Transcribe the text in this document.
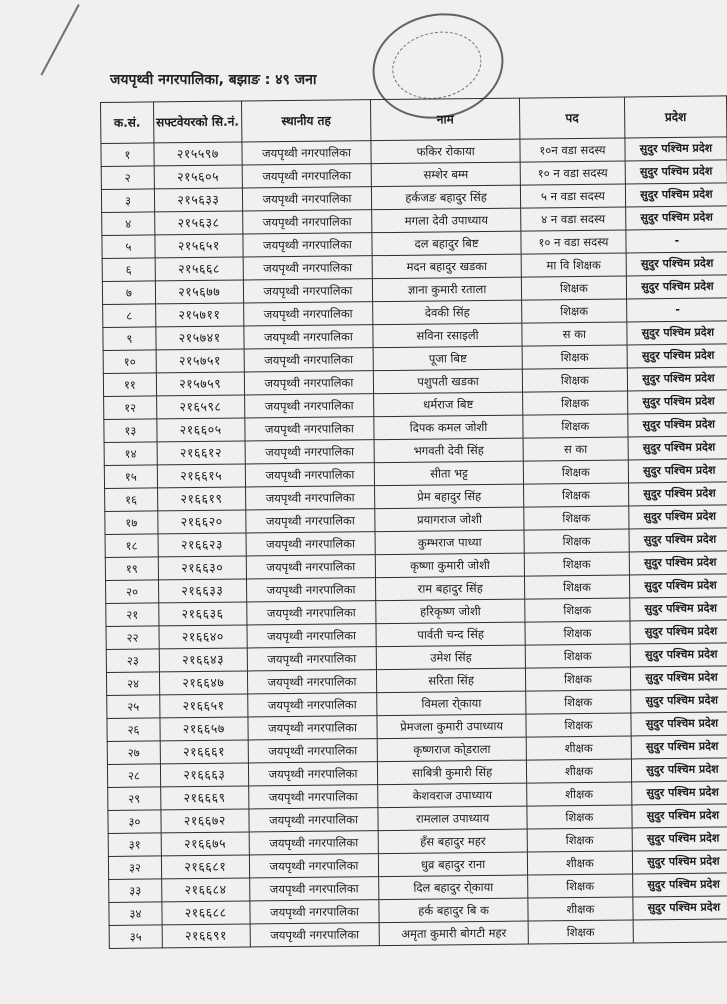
जयपृथ्वी नगरपालिका, बझाङ : ४९ जना
क.सं.	सफ्टवेयरको सि.नं.	स्थानीय तह	नाम	पद	प्रदेश
१	२१५५९७	जयपृथ्वी नगरपालिका	फकिर रोकाया	१०न वडा सदस्य	सुदुर पश्चिम प्रदेश
२	२१५६०५	जयपृथ्वी नगरपालिका	सम्शेर बम्म	१० न वडा सदस्य	सुदुर पश्चिम प्रदेश
३	२१५६३३	जयपृथ्वी नगरपालिका	हर्कजङ बहादुर सिंह	५ न वडा सदस्य	सुदुर पश्चिम प्रदेश
४	२१५६३८	जयपृथ्वी नगरपालिका	मगला देवी उपाध्याय	४ न वडा सदस्य	सुदुर पश्चिम प्रदेश
५	२१५६५१	जयपृथ्वी नगरपालिका	दल बहादुर बिष्ट	१० न वडा सदस्य	-
६	२१५६६८	जयपृथ्वी नगरपालिका	मदन बहादुर खडका	मा वि शिक्षक	सुदुर पश्चिम प्रदेश
७	२१५६७७	जयपृथ्वी नगरपालिका	ज्ञाना कुमारी रताला	शिक्षक	सुदुर पश्चिम प्रदेश
८	२१५७११	जयपृथ्वी नगरपालिका	देवकी सिंह	शिक्षक	-
९	२१५७४१	जयपृथ्वी नगरपालिका	सविना रसाइली	स का	सुदुर पश्चिम प्रदेश
१०	२१५७५१	जयपृथ्वी नगरपालिका	पूजा बिष्ट	शिक्षक	सुदुर पश्चिम प्रदेश
११	२१५७५९	जयपृथ्वी नगरपालिका	पशुपती खडका	शिक्षक	सुदुर पश्चिम प्रदेश
१२	२१६५९८	जयपृथ्वी नगरपालिका	धर्मराज बिष्ट	शिक्षक	सुदुर पश्चिम प्रदेश
१३	२१६६०५	जयपृथ्वी नगरपालिका	दिपक कमल जोशी	शिक्षक	सुदुर पश्चिम प्रदेश
१४	२१६६१२	जयपृथ्वी नगरपालिका	भगवती देवी सिंह	स का	सुदुर पश्चिम प्रदेश
१५	२१६६१५	जयपृथ्वी नगरपालिका	सीता भट्ट	शिक्षक	सुदुर पश्चिम प्रदेश
१६	२१६६१९	जयपृथ्वी नगरपालिका	प्रेम बहादुर सिंह	शिक्षक	सुदुर पश्चिम प्रदेश
१७	२१६६२०	जयपृथ्वी नगरपालिका	प्रयागराज जोशी	शिक्षक	सुदुर पश्चिम प्रदेश
१८	२१६६२३	जयपृथ्वी नगरपालिका	कुम्भराज पाध्या	शिक्षक	सुदुर पश्चिम प्रदेश
१९	२१६६३०	जयपृथ्वी नगरपालिका	कृष्णा कुमारी जोशी	शिक्षक	सुदुर पश्चिम प्रदेश
२०	२१६६३३	जयपृथ्वी नगरपालिका	राम बहादुर सिंह	शिक्षक	सुदुर पश्चिम प्रदेश
२१	२१६६३६	जयपृथ्वी नगरपालिका	हरिकृष्ण जोशी	शिक्षक	सुदुर पश्चिम प्रदेश
२२	२१६६४०	जयपृथ्वी नगरपालिका	पार्वती चन्द सिंह	शिक्षक	सुदुर पश्चिम प्रदेश
२३	२१६६४३	जयपृथ्वी नगरपालिका	उमेश सिंह	शिक्षक	सुदुर पश्चिम प्रदेश
२४	२१६६४७	जयपृथ्वी नगरपालिका	सरिता सिंह	शिक्षक	सुदुर पश्चिम प्रदेश
२५	२१६६५१	जयपृथ्वी नगरपालिका	विमला रा्ेकाया	शिक्षक	सुदुर पश्चिम प्रदेश
२६	२१६६५७	जयपृथ्वी नगरपालिका	प्रेमजला कुमारी उपाध्याय	शिक्षक	सुदुर पश्चिम प्रदेश
२७	२१६६६१	जयपृथ्वी नगरपालिका	कृष्णराज का्ेडराला	शीक्षक	सुदुर पश्चिम प्रदेश
२८	२१६६६३	जयपृथ्वी नगरपालिका	साबित्री कुमारी सिंह	शीक्षक	सुदुर पश्चिम प्रदेश
२९	२१६६६९	जयपृथ्वी नगरपालिका	केशवराज उपाध्याय	शीक्षक	सुदुर पश्चिम प्रदेश
३०	२१६६७२	जयपृथ्वी नगरपालिका	रामलाल उपाध्याय	शिक्षक	सुदुर पश्चिम प्रदेश
३१	२१६६७५	जयपृथ्वी नगरपालिका	हँस बहादुर महर	शिक्षक	सुदुर पश्चिम प्रदेश
३२	२१६६८१	जयपृथ्वी नगरपालिका	धुव्र बहादुर राना	शीक्षक	सुदुर पश्चिम प्रदेश
३३	२१६६८४	जयपृथ्वी नगरपालिका	दिल बहादुर रा्ेकाया	शिक्षक	सुदुर पश्चिम प्रदेश
३४	२१६६८८	जयपृथ्वी नगरपालिका	हर्क बहादुर बि क	शीक्षक	सुदुर पश्चिम प्रदेश
३५	२१६६९१	जयपृथ्वी नगरपालिका	अमृता कुमारी बोगटी महर	शिक्षक	
